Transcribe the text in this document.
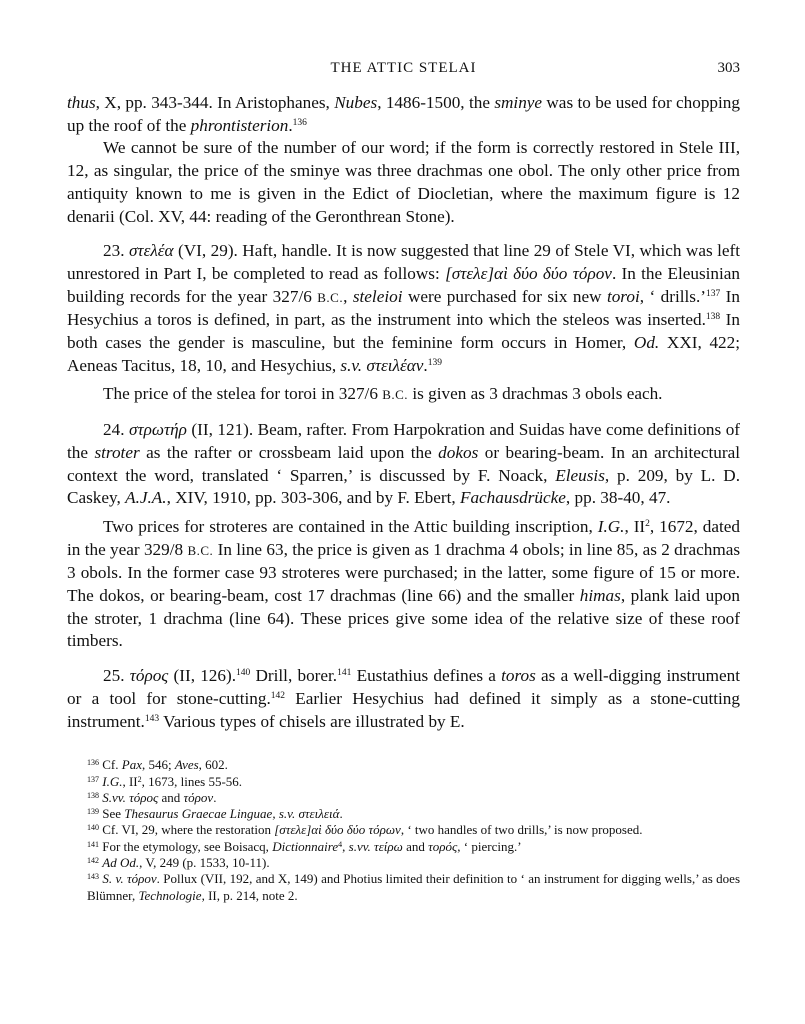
THE ATTIC STELAI	303

thus, X, pp. 343-344. In Aristophanes, Nubes, 1486-1500, the sminye was to be used for chopping up the roof of the phrontisterion.$^{136}$

We cannot be sure of the number of our word; if the form is correctly restored in Stele III, 12, as singular, the price of the sminye was three drachmas one obol. The only other price from antiquity known to me is given in the Edict of Diocletian, where the maximum figure is 12 denarii (Col. XV, 44: reading of the Geronthrean Stone).

23. στελέα (VI, 29). Haft, handle. It is now suggested that line 29 of Stele VI, which was left unrestored in Part I, be completed to read as follows: [στελε]αὶ δύο δύο τόρον. In the Eleusinian building records for the year 327/6 B.C., steleioi were purchased for six new toroi, ‘ drills.’$^{137}$ In Hesychius a toros is defined, in part, as the instrument into which the steleos was inserted.$^{138}$ In both cases the gender is masculine, but the feminine form occurs in Homer, Od. XXI, 422; Aeneas Tacitus, 18, 10, and Hesychius, s.v. στειλέαν.$^{139}$

The price of the stelea for toroi in 327/6 B.C. is given as 3 drachmas 3 obols each.

24. στρωτήρ (II, 121). Beam, rafter. From Harpokration and Suidas have come definitions of the stroter as the rafter or crossbeam laid upon the dokos or bearing-beam. In an architectural context the word, translated ‘ Sparren,’ is discussed by F. Noack, Eleusis, p. 209, by L. D. Caskey, A.J.A., XIV, 1910, pp. 303-306, and by F. Ebert, Fachausdrücke, pp. 38-40, 47.

Two prices for stroteres are contained in the Attic building inscription, I.G., $II^2$, 1672, dated in the year 329/8 B.C. In line 63, the price is given as 1 drachma 4 obols; in line 85, as 2 drachmas 3 obols. In the former case 93 stroteres were purchased; in the latter, some figure of 15 or more. The dokos, or bearing-beam, cost 17 drachmas (line 66) and the smaller himas, plank laid upon the stroter, 1 drachma (line 64). These prices give some idea of the relative size of these roof timbers.

25. τόρος (II, 126).$^{140}$ Drill, borer.$^{141}$ Eustathius defines a toros as a well-digging instrument or a tool for stone-cutting.$^{142}$ Earlier Hesychius had defined it simply as a stone-cutting instrument.$^{143}$ Various types of chisels are illustrated by E.

$^{136}$ Cf. Pax, 546; Aves, 602.

$^{137}$ I.G., $II^2$, 1673, lines 55-56.

$^{138}$ S.vv. τόρος and τόρον.

$^{139}$ See Thesaurus Graecae Linguae, s.v. στειλειά.

$^{140}$ Cf. VI, 29, where the restoration [στελε]αὶ δύο δύο τόρων, ‘ two handles of two drills,’ is now proposed.

$^{141}$ For the etymology, see Boisacq, Dictionnaire$^4$, s.vv. τείρω and τορός, ‘ piercing.’

$^{142}$ Ad Od., V, 249 (p. 1533, 10-11).

$^{143}$ S. v. τόρον. Pollux (VII, 192, and X, 149) and Photius limited their definition to ‘ an instrument for digging wells,’ as does Blümner, Technologie, II, p. 214, note 2.
